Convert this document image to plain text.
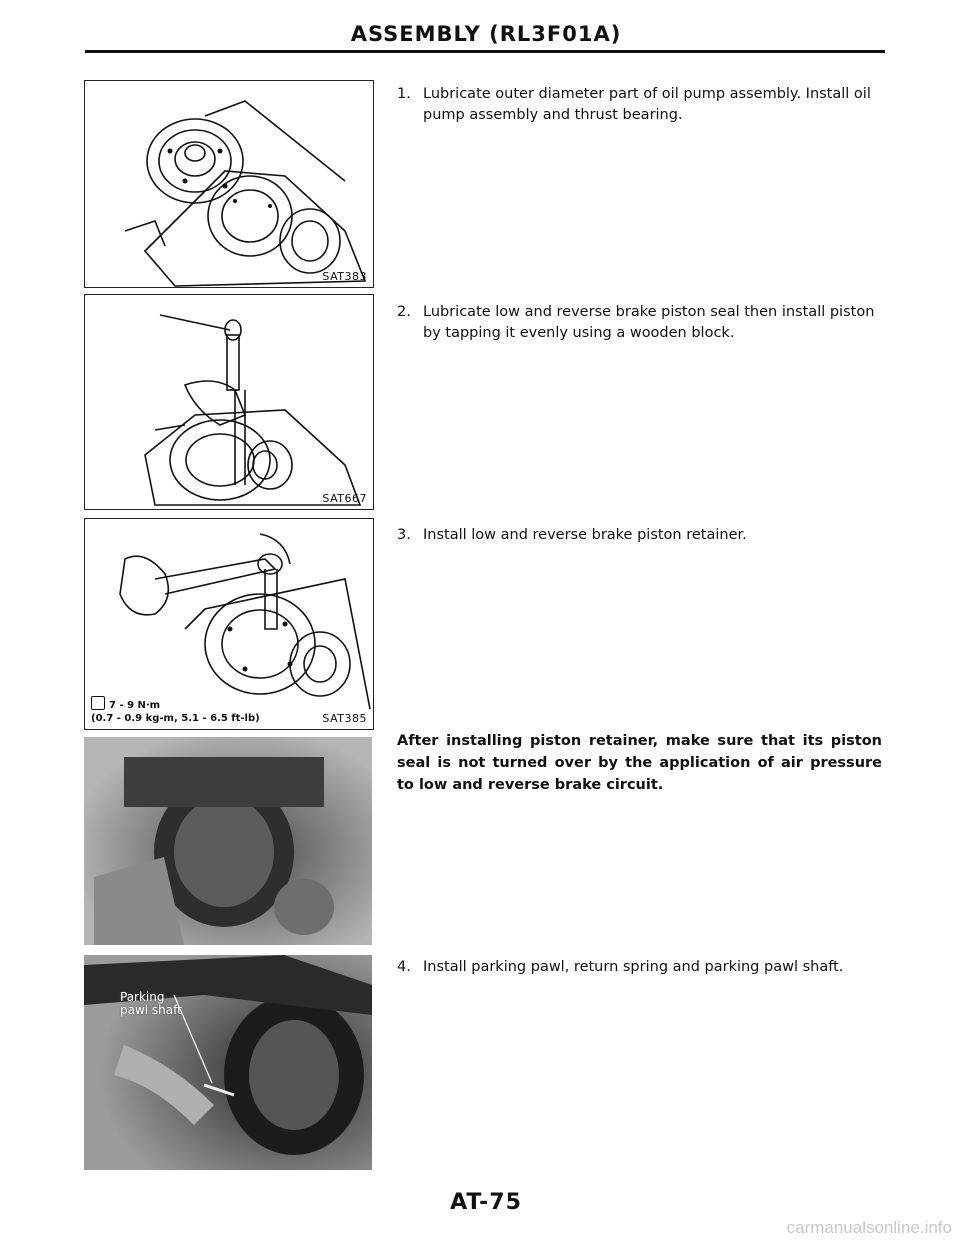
ASSEMBLY (RL3F01A)
SAT383
SAT667
7 - 9 N·m
(0.7 - 0.9 kg-m, 5.1 - 6.5 ft-lb)	SAT385
Parking
pawl shaft
1. Lubricate outer diameter part of oil pump assembly. Install oil pump assembly and thrust bearing.
2. Lubricate low and reverse brake piston seal then install piston by tapping it evenly using a wooden block.
3. Install low and reverse brake piston retainer.
After installing piston retainer, make sure that its piston seal is not turned over by the application of air pressure to low and reverse brake circuit.
4. Install parking pawl, return spring and parking pawl shaft.
AT-75
carmanualsonline.info
